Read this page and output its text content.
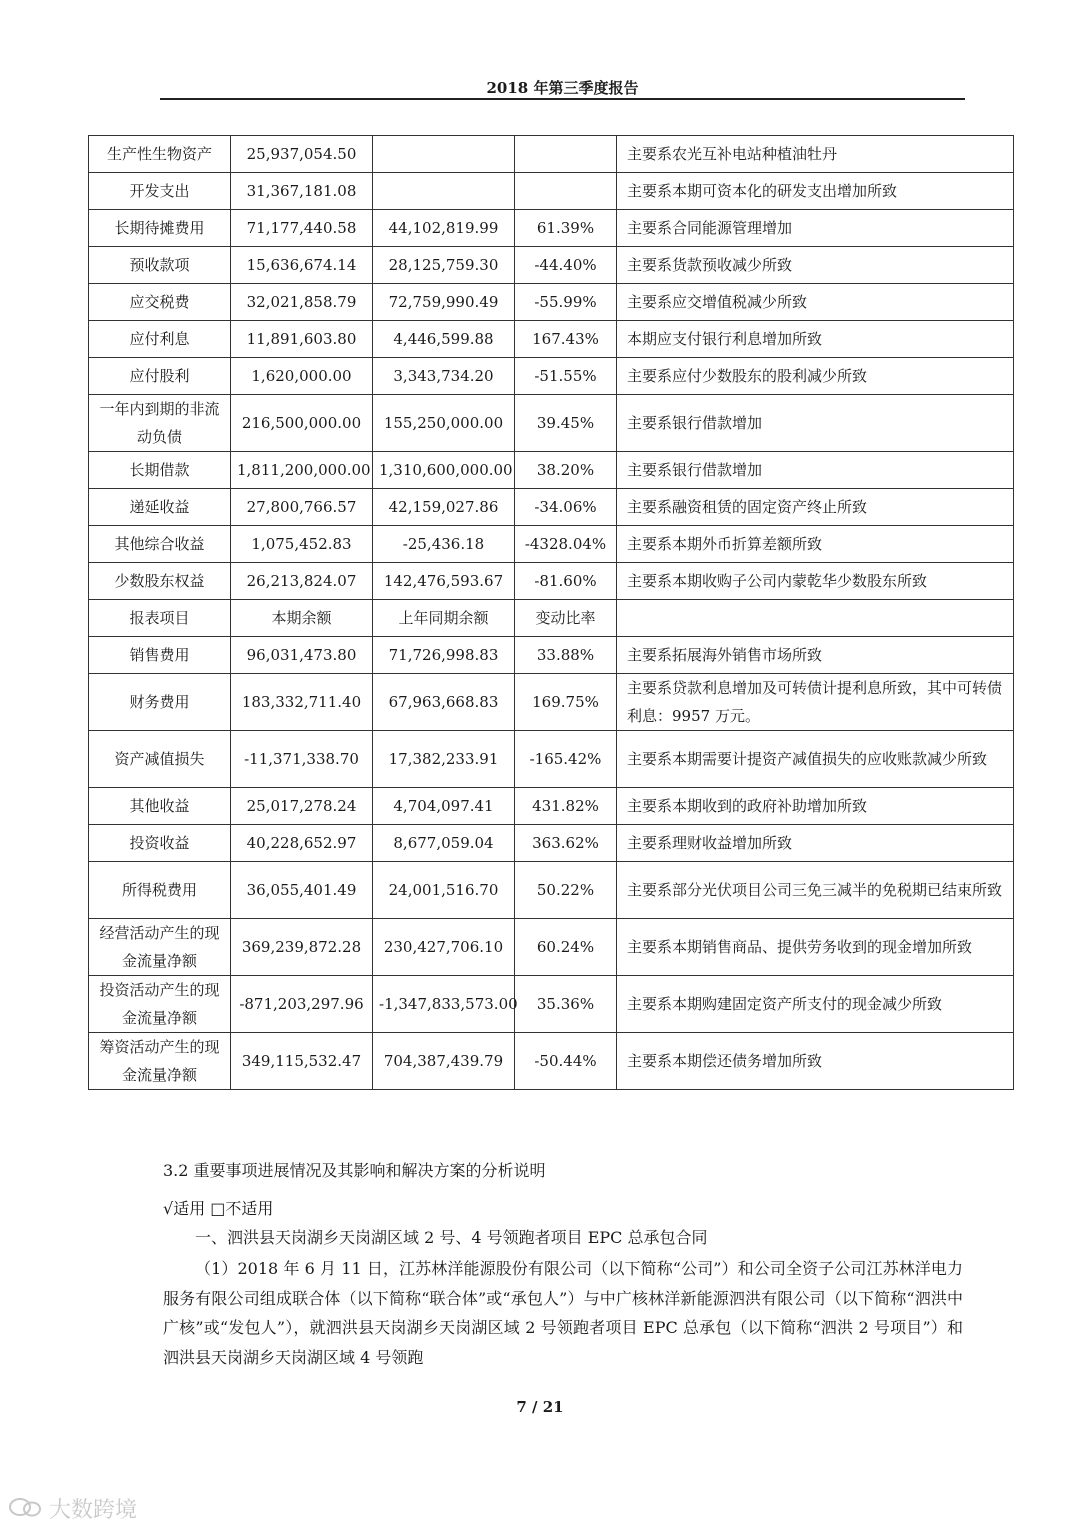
2018 年第三季度报告
生产性生物资产	25,937,054.50			主要系农光互补电站种植油牡丹
开发支出	31,367,181.08			主要系本期可资本化的研发支出增加所致
长期待摊费用	71,177,440.58	44,102,819.99	61.39%	主要系合同能源管理增加
预收款项	15,636,674.14	28,125,759.30	-44.40%	主要系货款预收减少所致
应交税费	32,021,858.79	72,759,990.49	-55.99%	主要系应交增值税减少所致
应付利息	11,891,603.80	4,446,599.88	167.43%	本期应支付银行利息增加所致
应付股利	1,620,000.00	3,343,734.20	-51.55%	主要系应付少数股东的股利减少所致
一年内到期的非流动负债	216,500,000.00	155,250,000.00	39.45%	主要系银行借款增加
长期借款	1,811,200,000.00	1,310,600,000.00	38.20%	主要系银行借款增加
递延收益	27,800,766.57	42,159,027.86	-34.06%	主要系融资租赁的固定资产终止所致
其他综合收益	1,075,452.83	-25,436.18	-4328.04%	主要系本期外币折算差额所致
少数股东权益	26,213,824.07	142,476,593.67	-81.60%	主要系本期收购子公司内蒙乾华少数股东所致
报表项目	本期余额	上年同期余额	变动比率	
销售费用	96,031,473.80	71,726,998.83	33.88%	主要系拓展海外销售市场所致
财务费用	183,332,711.40	67,963,668.83	169.75%	主要系贷款利息增加及可转债计提利息所致，其中可转债利息：9957 万元。
资产减值损失	-11,371,338.70	17,382,233.91	-165.42%	主要系本期需要计提资产减值损失的应收账款减少所致
其他收益	25,017,278.24	4,704,097.41	431.82%	主要系本期收到的政府补助增加所致
投资收益	40,228,652.97	8,677,059.04	363.62%	主要系理财收益增加所致
所得税费用	36,055,401.49	24,001,516.70	50.22%	主要系部分光伏项目公司三免三减半的免税期已结束所致
经营活动产生的现金流量净额	369,239,872.28	230,427,706.10	60.24%	主要系本期销售商品、提供劳务收到的现金增加所致
投资活动产生的现金流量净额	-871,203,297.96	-1,347,833,573.00	35.36%	主要系本期购建固定资产所支付的现金减少所致
筹资活动产生的现金流量净额	349,115,532.47	704,387,439.79	-50.44%	主要系本期偿还债务增加所致
3.2 重要事项进展情况及其影响和解决方案的分析说明
√适用 □不适用
一、泗洪县天岗湖乡天岗湖区域 2 号、4 号领跑者项目 EPC 总承包合同
（1）2018 年 6 月 11 日，江苏林洋能源股份有限公司（以下简称“公司”）和公司全资子公司江苏林洋电力服务有限公司组成联合体（以下简称“联合体”或“承包人”）与中广核林洋新能源泗洪有限公司（以下简称“泗洪中广核”或“发包人”），就泗洪县天岗湖乡天岗湖区域 2 号领跑者项目 EPC 总承包（以下简称“泗洪 2 号项目”）和泗洪县天岗湖乡天岗湖区域 4 号领跑
7 / 21
大数跨境
